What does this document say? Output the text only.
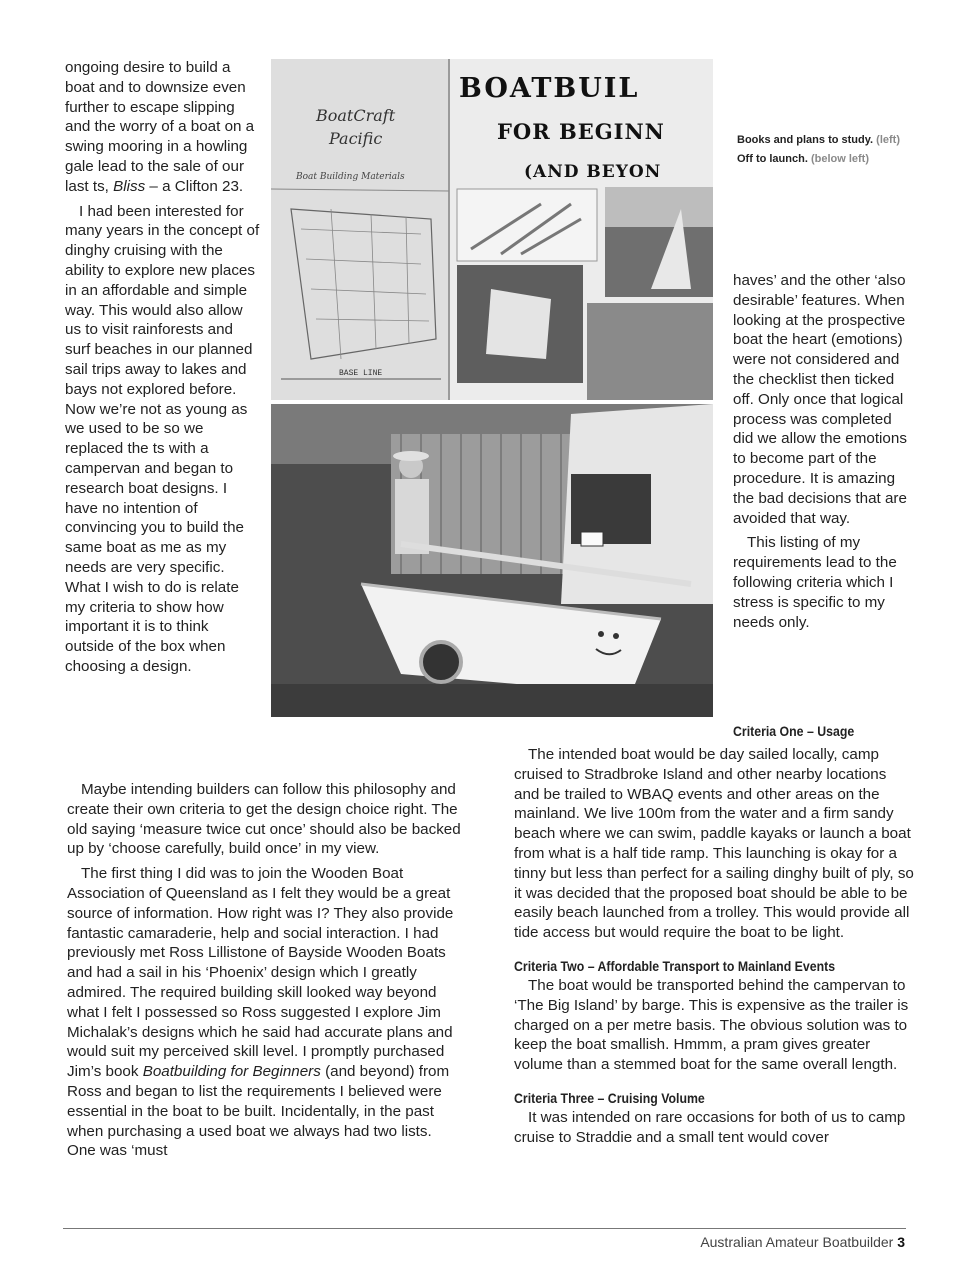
ongoing desire to build a boat and to downsize even further to escape slipping and the worry of a boat on a swing mooring in a howling gale lead to the sale of our last ts, Bliss – a Clifton 23.

I had been interested for many years in the concept of dinghy cruising with the ability to explore new places in an affordable and simple way. This would also allow us to visit rainforests and surf beaches in our planned sail trips away to lakes and bays not explored before. Now we’re not as young as we used to be so we replaced the ts with a campervan and began to research boat designs. I have no intention of convincing you to build the same boat as me as my needs are very specific. What I wish to do is relate my criteria to show how important it is to think outside of the box when choosing a design.

Maybe intending builders can follow this philosophy and create their own criteria to get the design choice right. The old saying ‘measure twice cut once’ should also be backed up by ‘choose carefully, build once’ in my view.

The first thing I did was to join the Wooden Boat Association of Queensland as I felt they would be a great source of information. How right was I? They also provide fantastic camaraderie, help and social interaction. I had previously met Ross Lillistone of Bayside Wooden Boats and had a sail in his ‘Phoenix’ design which I greatly admired. The required building skill looked way beyond what I felt I possessed so Ross suggested I explore Jim Michalak’s designs which he said had accurate plans and would suit my perceived skill level. I promptly purchased Jim’s book Boatbuilding for Beginners (and beyond) from Ross and began to list the requirements I believed were essential in the boat to be built. Incidentally, in the past when purchasing a used boat we always had two lists. One was ‘must

BASE LINE
BoatCraft
Pacific
Boat Building Materials
BOATBUIL
FOR BEGINN
(AND BEYON
Books and plans to study. (left)
Off to launch. (below left)

haves’ and the other ‘also desirable’ features. When looking at the prospective boat the heart (emotions) were not considered and the checklist then ticked off. Only once that logical process was completed did we allow the emotions to become part of the procedure. It is amazing the bad decisions that are avoided that way.

This listing of my requirements lead to the following criteria which I stress is specific to my needs only.

Criteria One – Usage

The intended boat would be day sailed locally, camp cruised to Stradbroke Island and other nearby locations and be trailed to WBAQ events and other areas on the mainland. We live 100m from the water and a firm sandy beach where we can swim, paddle kayaks or launch a boat from what is a half tide ramp. This launching is okay for a tinny but less than perfect for a sailing dinghy built of ply, so it was decided that the proposed boat should be able to be easily beach launched from a trolley. This would provide all tide access but would require the boat to be light.

Criteria Two – Affordable Transport to Mainland Events

The boat would be transported behind the campervan to ‘The Big Island’ by barge. This is expensive as the trailer is charged on a per metre basis. The obvious solution was to keep the boat smallish. Hmmm, a pram gives greater volume than a stemmed boat for the same overall length.

Criteria Three – Cruising Volume

It was intended on rare occasions for both of us to camp cruise to Straddie and a small tent would cover

Australian Amateur Boatbuilder 3
